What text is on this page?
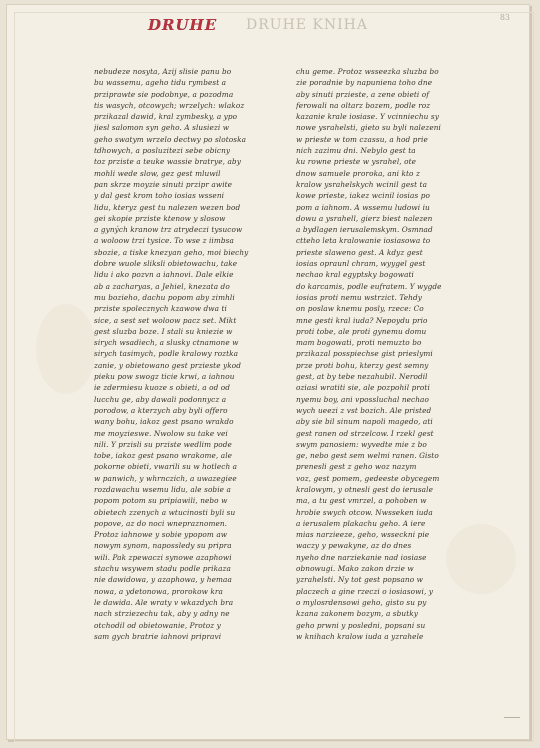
DRUHE DRUHE KNIHA	83
nebudeze nosyta, Azij slisie panu bo
bu wassemu, ageho tidu rymbest a
prziprawte sie podobnye, a pozodma
tis wasych, otcowych; wrzelych: wlakoz
przikazal dawid, kral zymbesky, a ypo
jiesl salomon syn geho. A slusiezi w
geho swatym wrzelo dectwy po slotoska
tdhowych, a posluzitezi sebe obicny
toz prziste a teuke wassie bratrye, aby
mohli wede slow, gez gest mluwil
pan skrze moyzie sinuti przipr awite
y dal gest krom toho iosias wsseni
lidu, kteryz gest tu nalezen wezen bod
gei skopie prziste ktenow y slosow
a gyných kranow trz atrydeczi tysucow
a woloow trzi tysice. To wse z iimbsa
sbozie, a tiske knezyan geho, moi biechy
dobre wuole sliksli obietowachu, take
lidu i ako pozvn a iahnovi. Dale elkie
ab a zacharyas, a Jehiel, knezata do
mu bozieho, dachu popom aby zimhli
prziste spolecznych kzawow dwa ti
sice, a sest set woloow pacz set. Mikt
gest sluzba boze. I stali su kniezie w
sirych wsadiech, a slusky ctnamone w
sirych tasimych, podle kralowy roztka
zanie, y obietowano gest przieste ykod
pieku pow swogz ticie krwi, a iahnou
ie zdermiesu kuoze s obieti, a od od
lucchu ge, aby dawali podonnycz a
porodow, a kterzych aby byli offero
wany bohu, iakoz gest psano wrakdo
me moyzieswe. Nwolow su take vei
nili. Y przisli su prziste wedlim pode
tobe, iakoz gest psano wrakome, ale
pokorne obieti, vwarili su w hotlech a
w panwich, y whrnczich, a uwazegiee
rozdawachu wsemu lidu, ale sobie a
popom potom su pripiawili, nebo w
obietech zzenych a wtucinosti byli su
popove, az do noci wnepraznomen.
Protoz iahnowe y sobie ypopom aw
nowym synom, napossledy su pripra
wili. Pak zpewaczi synowe azaphowi
stachu wsywem stadu podle prikaza
nie dawidowa, y azaphowa, y hemaa
nowa, a ydetonowa, prorokow kra
le dawida. Ale wraty v wkazdych bra
nach strziezechu tak, aby y adny ne
otchodil od obietowanie, Protoz y
sam gych bratrie iahnovi pripravi
chu geme. Protoz wsseezka sluzba bo
zie poradnie by napuniena toho dne
aby sinuti przieste, a zene obieti of
ferowali na oltarz bozem, podle roz
kazanie krale iosiase. Y vcinniechu sy
nowe ysrahelsti, gieto su byli nalezeni
w prieste w tom czassu, a hod prie
nich zazimu dni. Nebylo gest ta
ku rowne prieste w ysrahel, ote
dnow samuele proroka, ani kto z
kralow ysrahelskych wcinil gest ta
kowe prieste, iakez wcinil iosias po
pom a iahnom. A wssemu ludowi iu
dowu a ysrahell, gierz biest nalezen
a bydlagen ierusalemskym. Osmnad
ctteho leta kralowanie iosiasowa to
prieste slaweno gest. A kdyz gest
iosias opraunl chram, wyygel gest
nechao kral egyptsky bogowati
do karcamis, podle eufratem. Y wygde
iosias proti nemu wstrzict. Tehdy
on poslaw knemu posly, rzece: Co
mne gesti kral iuda? Nepoydu prio
proti tobe, ale proti gynemu domu
mam bogowati, proti nemuzto bo
przikazal posspiechse gist prieslymi
prze proti bohu, kterzy gest semny
gest, at by tebe nezahubil. Nerodil
oziasi wratiti sie, ale pozpohil proti
nyemu boy, ani vpossluchal nechao
wych ueezi z vst bozich. Ale pristed
aby sie bil sinum napoli magedo, ati
gest ranen od strzelcow. I rzekl gest
swym panosiem: wyvedte mie z bo
ge, nebo gest sem welmi ranen. Gisto
prenesli gest z geho woz nazym
voz, gest pomem, gedeeste obycegem
kralowym, y otnesli gest do ierusale
ma, a tu gest vmrzel, a pohoben w
hrobie swych otcow. Nwsseken iuda
a ierusalem plakachu geho. A iere
mias narzieeze, geho, wsseckni pie
waczy y pewakyne, az do dnes
nyeho dne narziekanie nad iosiase
obnowugi. Mako zakon drzie w
yzrahelsti. Ny tot gest popsano w
placzech a gine rzeczi o iosiasowi, y
o mylosrdensowi geho, gisto su py
kzana zakonem bozym, a sbutky
geho prwni y posledni, popsani su
w knihach kralow iuda a yzrahele
